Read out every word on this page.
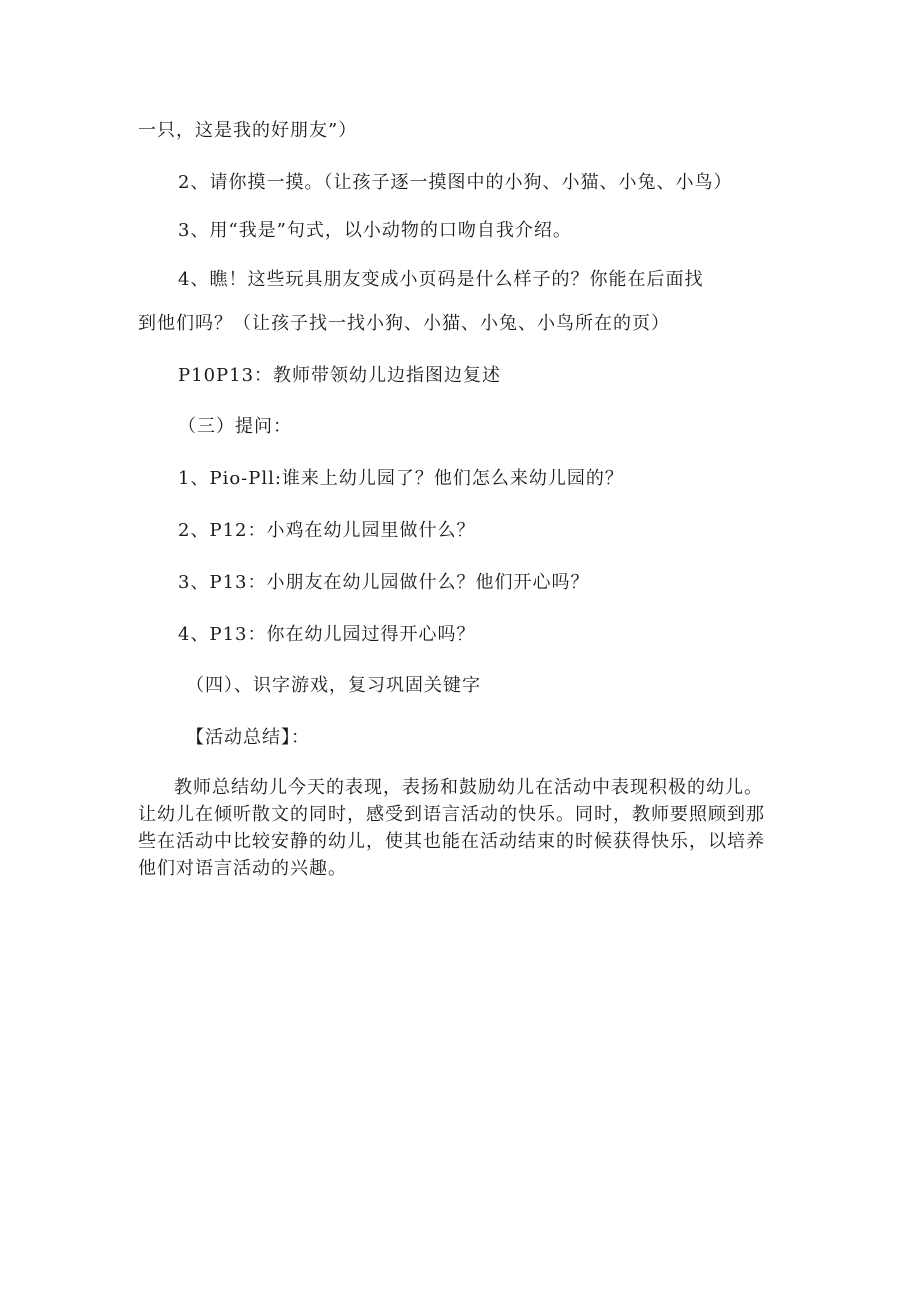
一只，这是我的好朋友”）
2、请你摸一摸。（让孩子逐一摸图中的小狗、小猫、小兔、小鸟）
3、用“我是”句式，以小动物的口吻自我介绍。
4、瞧！这些玩具朋友变成小页码是什么样子的？你能在后面找
到他们吗？（让孩子找一找小狗、小猫、小兔、小鸟所在的页）
P10P13：教师带领幼儿边指图边复述
（三）提问：
1、Pio-Pll:谁来上幼儿园了？他们怎么来幼儿园的？
2、P12：小鸡在幼儿园里做什么？
3、P13：小朋友在幼儿园做什么？他们开心吗？
4、P13：你在幼儿园过得开心吗？
（四）、识字游戏，复习巩固关键字
【活动总结】：
教师总结幼儿今天的表现，表扬和鼓励幼儿在活动中表现积极的幼儿。让幼儿在倾听散文的同时，感受到语言活动的快乐。同时，教师要照顾到那些在活动中比较安静的幼儿，使其也能在活动结束的时候获得快乐，以培养他们对语言活动的兴趣。
